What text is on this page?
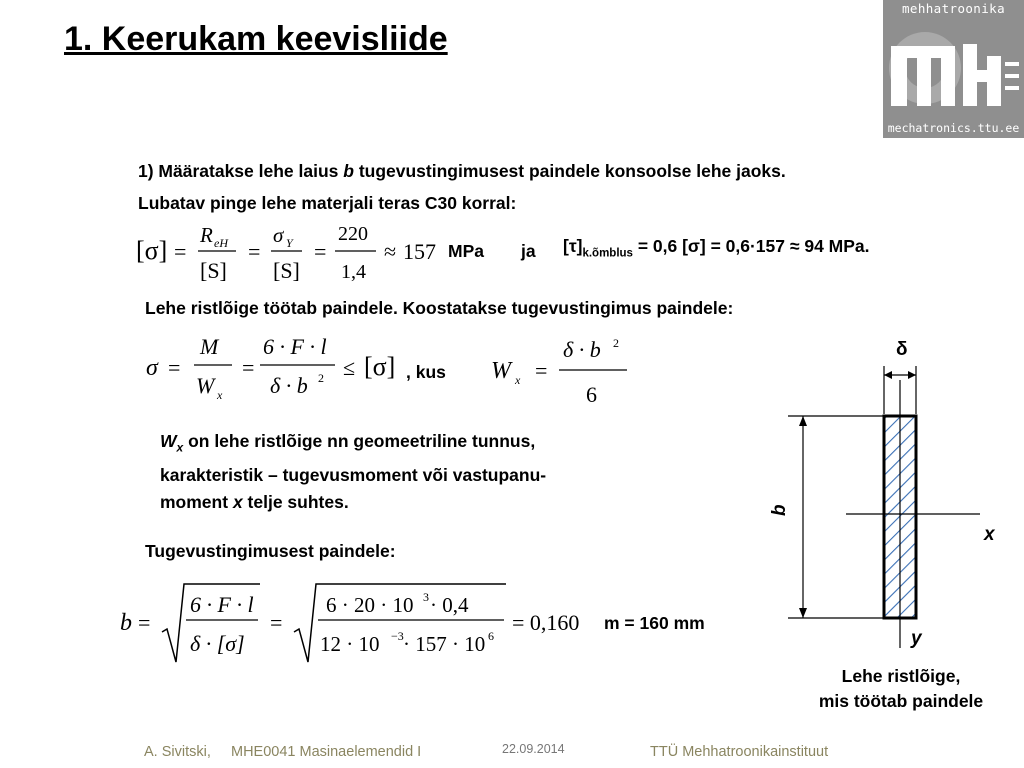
1. Keerukam keevisliide
mehhatroonika
mechatronics.ttu.ee
1) Määratakse lehe laius b tugevustingimusest paindele konsoolse lehe jaoks.
Lubatav pinge lehe materjali teras C30 korral:
[σ] =
R eH
[S]
=
σ Y
[S]
=
220
1,4
≈ 157 MPa ja $[\tau]_{k.õmblus} = 0,6$ [σ] = 0,6·157 ≈ 94 MPa.
Lehe ristlõige töötab paindele. Koostatakse tugevustingimus paindele:
σ =
M
W x
=
6 · F · l
δ · b 2 ≤ [σ] , kus W x =
δ · b 2
6
$W_x$ on lehe ristlõige nn geomeetriline tunnus,
karakteristik – tugevusmoment või vastupanu-
moment x telje suhtes.
Tugevustingimusest paindele:
b =
6 · F · l
δ · [σ]
=
6 · 20 · 10 3 · 0,4
12 · 10 −3 · 157 · 10 6
= 0,160 m = 160 mm
δ
b
x
y
Lehe ristlõige,
mis töötab paindele
A. Sivitski, MHE0041 Masinaelemendid I	22.09.2014	TTÜ Mehhatroonikainstituut
